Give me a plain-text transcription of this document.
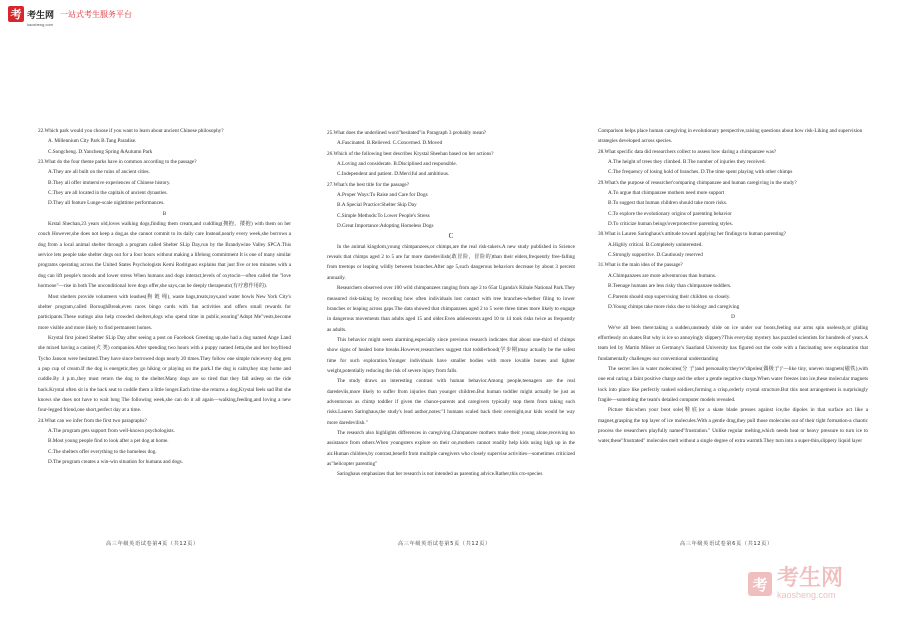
考 考生网
kaosheng.com
一站式考生服务平台

22.Which park would you choose if you want to learn about ancient Chinese philosophy?

A. Millennium City Park B.Tang Paradise.

C.Songcheng. D.Yancheng Spring &Autumn Park

23.What do the four theme parks have in common according to the passage?

A.They are all built on the ruins of ancient cities.

B.They all offer immersive experiences of Chinese history.

C.They are all located in the capitals of ancient dynasties.

D.They all feature Lunge-scale nighttime performances.

B

Krstal Shechan,23 years old,loves walking dogs,finding them cream,and cuddling(拥抱，搂抱) with them on her couch However,she does not keep a dog,as she cannot commit to its daily care Instead,nearly every week,she borrows a dog from a local animal shelter through a program called Shelter SLip Day,run by the Brandywine Valley SPCA.This service lets people take shelter dogs out for a four hours without making a lifelong commitment It is one of many similar programs operating across the United States Psychologists Kemi Rodriguez explains that just five or ten minutes with a dog can lift people's moods and lower stress When humans and dogs interact,levels of oxytocin—often called the "love hormone"—rise in both The unconditional love dogs offer,she says,can be deeply therapeutic(有疗愈作用的).

Most shelters provide volunteers with leashes(狗 链 绳), waste bags,treats,toys,and water bowls New York City's shelter program,called BoroughBreak,even races bingo cards with fun activities and offers small rewards for participants.These outings also help crowded shelters,dogs who spend time in public,wearing"Adopt Me"vests,become more visible and more likely to find permanent homes.

Krystal first joined Shelter SLip Day after seeing a post on Facebook Greeting up,she had a dog named Ange Land she mixed having a canine(犬 类) companion.After spending two hours with a puppy named Jetta,she and her boyfriend Tycho Janson were hesitated.They have since borrowed dogs nearly 20 times.They follow one simple rule:every dog gets a pup cup of cream.If the dog is energetic,they go hiking or playing on the park.I the dog is calm,they stay home and cuddle.By 4 p.m.,they must return the dog to the shelter.Many dogs are so tired that they fall asleep on the ride back.Krystal often sit in the back seat to cuddle them a little longer.Each time she returns a dog,Krystal feels sad But she knows she does not have to wait long The following week,she can do it all again—walking,feeding,and loving a new four-legged friend,one short,perfect day at a time.

24.What can we infer from the first two paragraphs?

A.The program gets support from well-known psychologists.

B.Most young people find to look after a pet dog at home.

C.The shelters offer everything to the homeless dog.

D.The program creates a win-win situation for humans and dogs.

25.What does the underlined word"hesitated"in Paragraph 3 probably mean?

A.Fascinated. B.Relieved. C.Concerned. D.Moved

26.Which of the following best describes Krystal Sheehan based on her actions?

A.Loving and considerate. B.Disciplined and responsible.

C.Independent and patient. D.Merciful and ambitious.

27.What's the best title for the passage?

A.Proper Ways:To Raise and Care for Dogs

B.A Special Practice:Shelter Skip Day

C.Simple Methods:To Lower People's Stress

D.Great Importance:Adopting Homeless Dogs

C

In the animal kingdom,young chimpanzees,or chimps,are the real risk-takers.A new study published in Science reveals that chimps aged 2 to 5 are far more daredevilish(敢冒险，冒险的)than their elders,frequently free-falling from treetops or leaping wildly between branches.After age 5,such dangerous behaviors decrease by about 3 percent annually.

Researchers observed over 100 wild chimpanzees ranging from age 2 to 65at Uganda's Kibale National Park.They measured risk-taking by recording how often individuals lost contact with tree branches-whether filing to lower branches or leaping across gaps.The data showed that chimpanzees aged 2 to 5 were three times more likely to engage in dangerous movements than adults aged 15 and older.Even adolescents aged 10 to 14 took risks twice as frequently as adults.

This behavior might seem alarming,especially since previous research indicates that about one-third of chimps show signs of healed bone breaks.However,researchers suggest that toddlerhood(学步期)may actually be the safest time for such exploration.Younger individuals have smaller bodies with more lovable bones and lighter weight,potentially reducing the risk of severe injury from falls.

The study draws an interesting contrast with human behavior.Among people,teenagers are the real daredevils,more likely to suffer from injuries than younger children.But human toddler might actually be just as adventurous as chimp toddler if given the chance-parents and caregivers typically stop them from taking such risks.Lauren Saringhaus,the study's lead author,notes:"I humans scaled back their oversight,our kids would be way more daredevilish."

The research also highlights differences in caregiving.Chimpanzee mothers make their young alone,receiving no assistance from others.When youngsters explore on their on,mothers cannot readily help kids using high up in the air.Human children,by contrast,benefit from multiple caregivers who closely supervise activities—sometimes criticized as"helicopter parenting"

Saringhaus emphasizes that her research is not intended as parenting advice.Rather,this cro-species

Comparison helps place human caregiving in evolutionary perspective,raising questions about how risk-Liking and supervision strategies developed across species.

28.What specific data did researchers collect to assess how daring a chimpanzee was?

A.The height of trees they climbed. B.The number of injuries they received.

C.The frequency of losing hold of branches. D.The time spent playing with other chimps

29.What's the purpose of researcher'comparing chimpanzee and human caregiving in the study?

A.To argue that chimpanzee mothers need more support

B.To suggest that human children should take more risks.

C.To explore the evolutionary origins of parenting behavior

D.To criticize human beings'overprotective parenting styles.

30.What is Lauren Saringhaus's attitude toward applying her findings to human parenting?

A.Highly critical. B.Completely uninterested.

C.Strongly supportive. D.Cautiously reserved

31.What is the main idea of the passage?

A.Chimpanzees are more adventurous than humans.

B.Teenage humans are less risky than chimpanzee toddlers.

C.Parents should stop supervising their children so closely.

D.Young chimps take more risks due to biology and caregiving

D

We've all been there:taking a sudden,unsteady slide on ice under our boots,feeling our arms spin uselessly,or gliding effortlessly on skates But why is ice so annoyingly slippery?This everyday mystery has puzzled scientists for hundreds of years.A team led by Martin Müser at Germany's Saarland University has figured out the code with a fascinating new explanation that fundamentally challenges our conventional understanding

The secret lies in water molecules(分 子)and personality:they're"dipoles(偶极子)"—like tiny, uneven magnets(磁铁),with one end caring a faint positive charge and the other a gentle negative charge.When water freezes into ice,these molecular magnets lock into place like perfectly ranked soldiers,forming a crisp,orderly crystal structure.But this neat arrangement is surprisingly fragile—something the team's detailed computer models revealed.

Picture this:when your boot sole(鞋底)or a skate blade presses against ice,the dipoles in that surface act like a magnet,grasping the top layer of ice molecules.With a gentle drag,they pull those molecules out of their tight formation-a chaotic process the researchers playfully named"frustration." Unlike regular melting,which needs heat or heavy pressure to turn ice to water,these"frustrated" molecules melt without a single degree of extra warmth.They turn into a super-thin,slippery liquid layer

高三年级英语试卷第4页（共12页）	高三年级英语试卷第5页（共12页）	高三年级英语试卷第6页（共12页）
考 考生网
kaosheng.com
